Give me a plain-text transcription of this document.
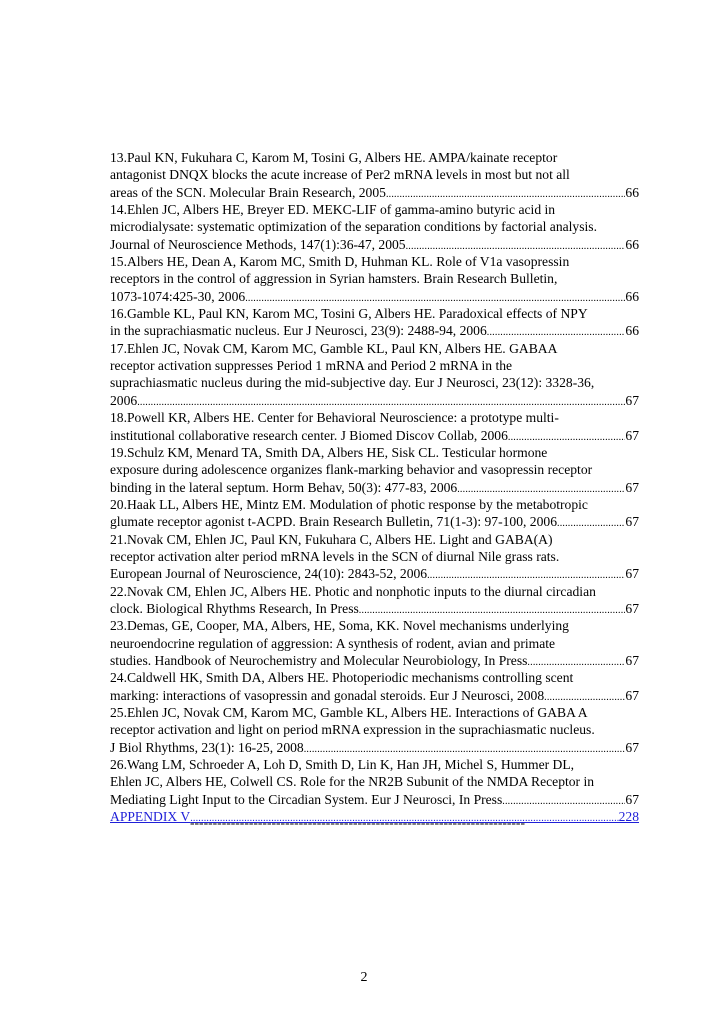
13.Paul KN, Fukuhara C, Karom M, Tosini G, Albers HE. AMPA/kainate receptor
antagonist DNQX blocks the acute increase of Per2 mRNA levels in most but not all
areas of the SCN. Molecular Brain Research, 2005 .....	66
14.Ehlen JC, Albers HE, Breyer ED. MEKC-LIF of gamma-amino butyric acid in
microdialysate: systematic optimization of the separation conditions by factorial analysis.
Journal of Neuroscience Methods, 147(1):36-47, 2005 .....	66
15.Albers HE, Dean A, Karom MC, Smith D, Huhman KL. Role of V1a vasopressin
receptors in the control of aggression in Syrian hamsters. Brain Research Bulletin,
1073-1074:425-30, 2006 .....	66
16.Gamble KL, Paul KN, Karom MC, Tosini G, Albers HE. Paradoxical effects of NPY
in the suprachiasmatic nucleus. Eur J Neurosci, 23(9): 2488-94, 2006 .....	66
17.Ehlen JC, Novak CM, Karom MC, Gamble KL, Paul KN, Albers HE. GABAA
receptor activation suppresses Period 1 mRNA and Period 2 mRNA in the
suprachiasmatic nucleus during the mid-subjective day. Eur J Neurosci, 23(12): 3328-36,
2006 .....	67
18.Powell KR, Albers HE. Center for Behavioral Neuroscience: a prototype multi-
institutional collaborative research center. J Biomed Discov Collab, 2006 .....	67
19.Schulz KM, Menard TA, Smith DA, Albers HE, Sisk CL. Testicular hormone
exposure during adolescence organizes flank-marking behavior and vasopressin receptor
binding in the lateral septum. Horm Behav, 50(3): 477-83, 2006 .....	67
20.Haak LL, Albers HE, Mintz EM. Modulation of photic response by the metabotropic
glumate receptor agonist t-ACPD. Brain Research Bulletin, 71(1-3): 97-100, 2006 .....	67
21.Novak CM, Ehlen JC, Paul KN, Fukuhara C, Albers HE. Light and GABA(A)
receptor activation alter period mRNA levels in the SCN of diurnal Nile grass rats.
European Journal of Neuroscience, 24(10): 2843-52, 2006 .....	67
22.Novak CM, Ehlen JC, Albers HE. Photic and nonphotic inputs to the diurnal circadian
clock. Biological Rhythms Research, In Press .....	67
23.Demas, GE, Cooper, MA, Albers, HE, Soma, KK. Novel mechanisms underlying
neuroendocrine regulation of aggression: A synthesis of rodent, avian and primate
studies. Handbook of Neurochemistry and Molecular Neurobiology, In Press .....	67
24.Caldwell HK, Smith DA, Albers HE. Photoperiodic mechanisms controlling scent
marking: interactions of vasopressin and gonadal steroids. Eur J Neurosci, 2008 .....	67
25.Ehlen JC, Novak CM, Karom MC, Gamble KL, Albers HE. Interactions of GABA A
receptor activation and light on period mRNA expression in the suprachiasmatic nucleus.
J Biol Rhythms, 23(1): 16-25, 2008 .....	67
26.Wang LM, Schroeder A, Loh D, Smith D, Lin K, Han JH, Michel S, Hummer DL,
Ehlen JC, Albers HE, Colwell CS. Role for the NR2B Subunit of the NMDA Receptor in
Mediating Light Input to the Circadian System. Eur J Neurosci, In Press .....	67
APPENDIX V .....	228
--------------------------------------------------------------------------
2
